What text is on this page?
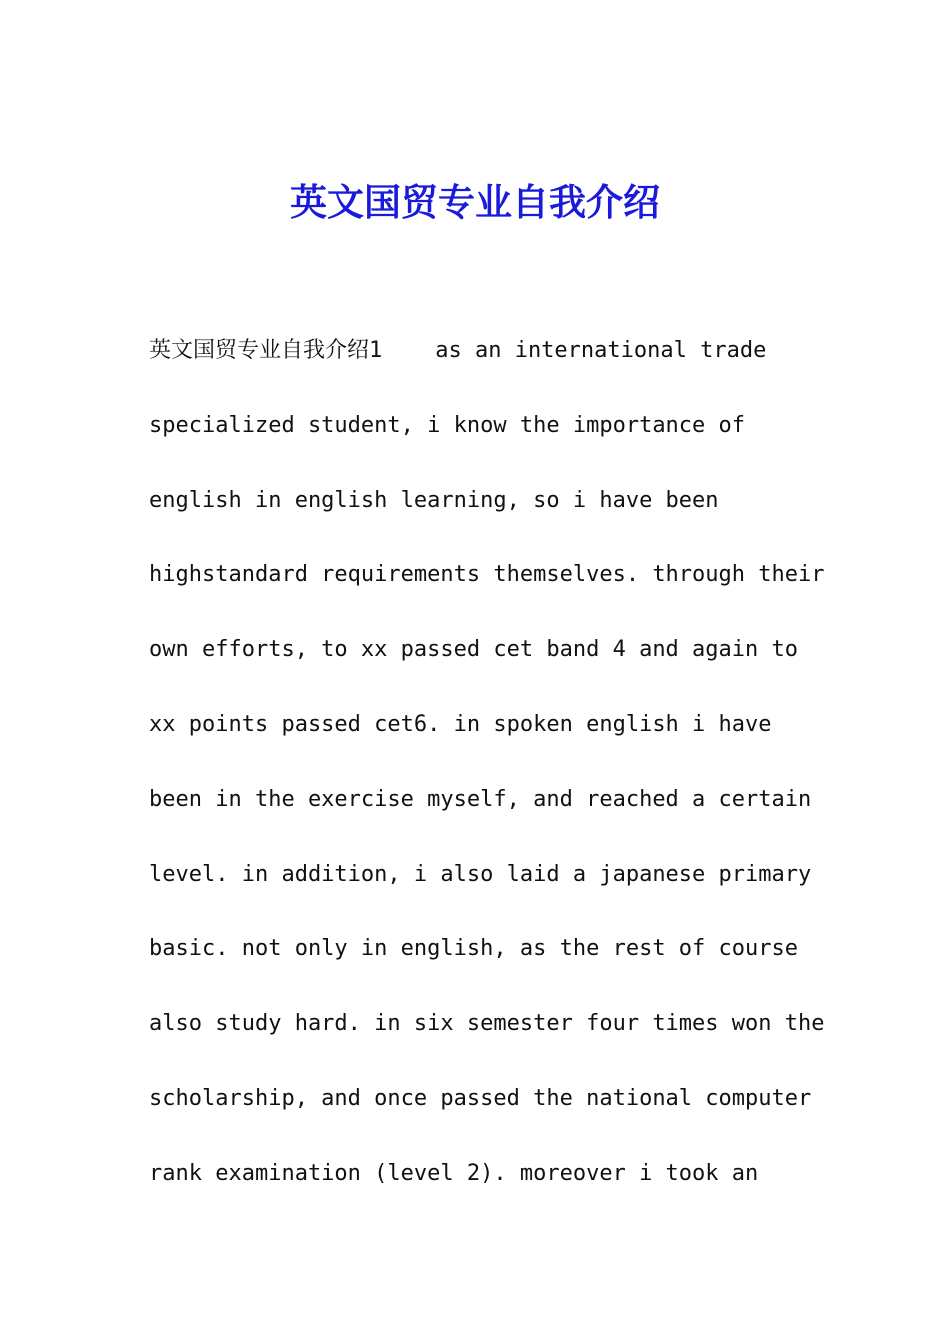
英文国贸专业自我介绍
英文国贸专业自我介绍1    as an international trade
specialized student, i know the importance of
english in english learning, so i have been
highstandard requirements themselves. through their
own efforts, to xx passed cet band 4 and again to
xx points passed cet6. in spoken english i have
been in the exercise myself, and reached a certain
level. in addition, i also laid a japanese primary
basic. not only in english, as the rest of course
also study hard. in six semester four times won the
scholarship, and once passed the national computer
rank examination (level 2). moreover i took an
